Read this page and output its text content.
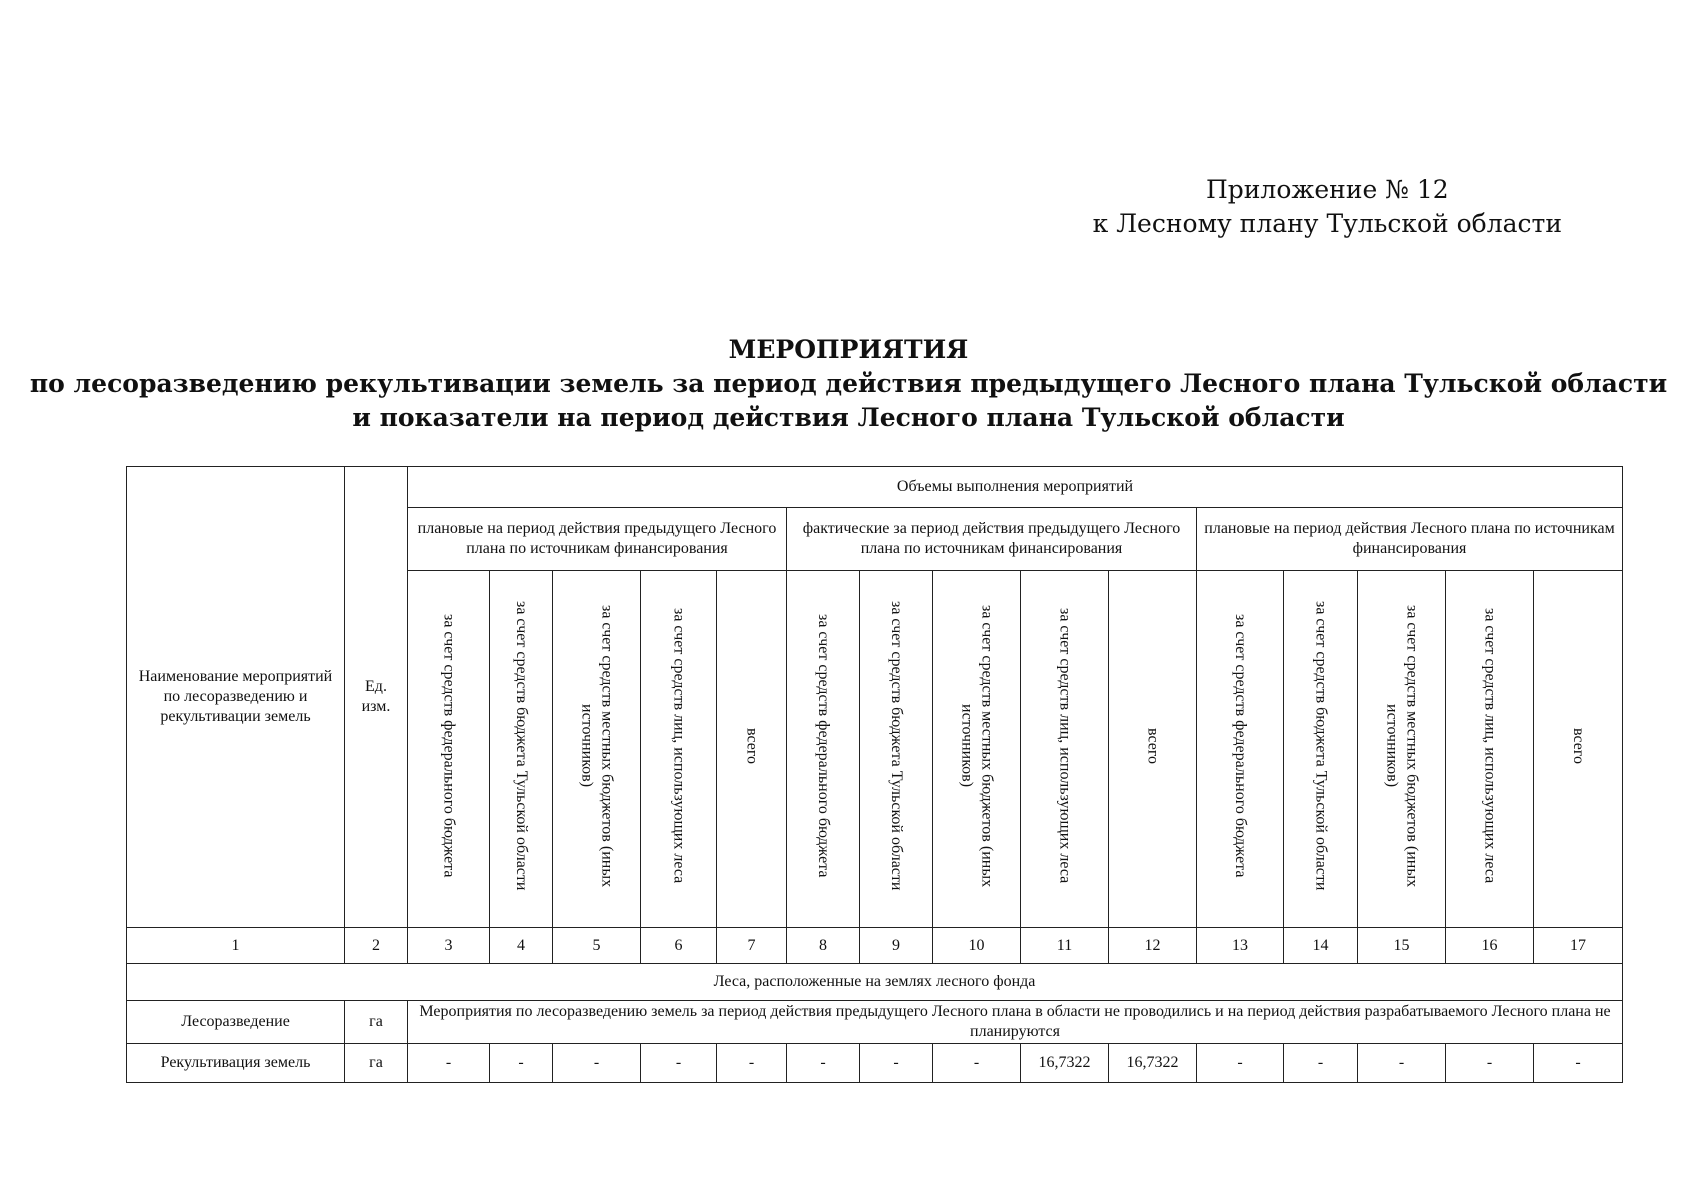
Приложение № 12
к Лесному плану Тульской области
МЕРОПРИЯТИЯ
по лесоразведению рекультивации земель за период действия предыдущего Лесного плана Тульской области
и показатели на период действия Лесного плана Тульской области
Наименование мероприятий по лесоразведению и рекультивации земель	Ед. изм.	Объемы выполнения мероприятий														
		плановые на период действия предыдущего Лесного плана по источникам финансирования					фактические за период действия предыдущего Лесного плана по источникам финансирования					плановые на период действия Лесного плана по источникам финансирования				
		за счет средств федерального бюджета	за счет средств бюджета Тульской области	за счет средств местных бюджетов (иных источников)	за счет средств лиц, использующих леса	всего	за счет средств федерального бюджета	за счет средств бюджета Тульской области	за счет средств местных бюджетов (иных источников)	за счет средств лиц, использующих леса	всего	за счет средств федерального бюджета	за счет средств бюджета Тульской области	за счет средств местных бюджетов (иных источников)	за счет средств лиц, использующих леса	всего
1	2	3	4	5	6	7	8	9	10	11	12	13	14	15	16	17
Леса, расположенные на землях лесного фонда																
Лесоразведение	га	Мероприятия по лесоразведению земель за период действия предыдущего Лесного плана в области не проводились и на период действия разрабатываемого Лесного плана не планируются														
Рекультивация земель	га	-	-	-	-	-	-	-	-	16,7322	16,7322	-	-	-	-	-
